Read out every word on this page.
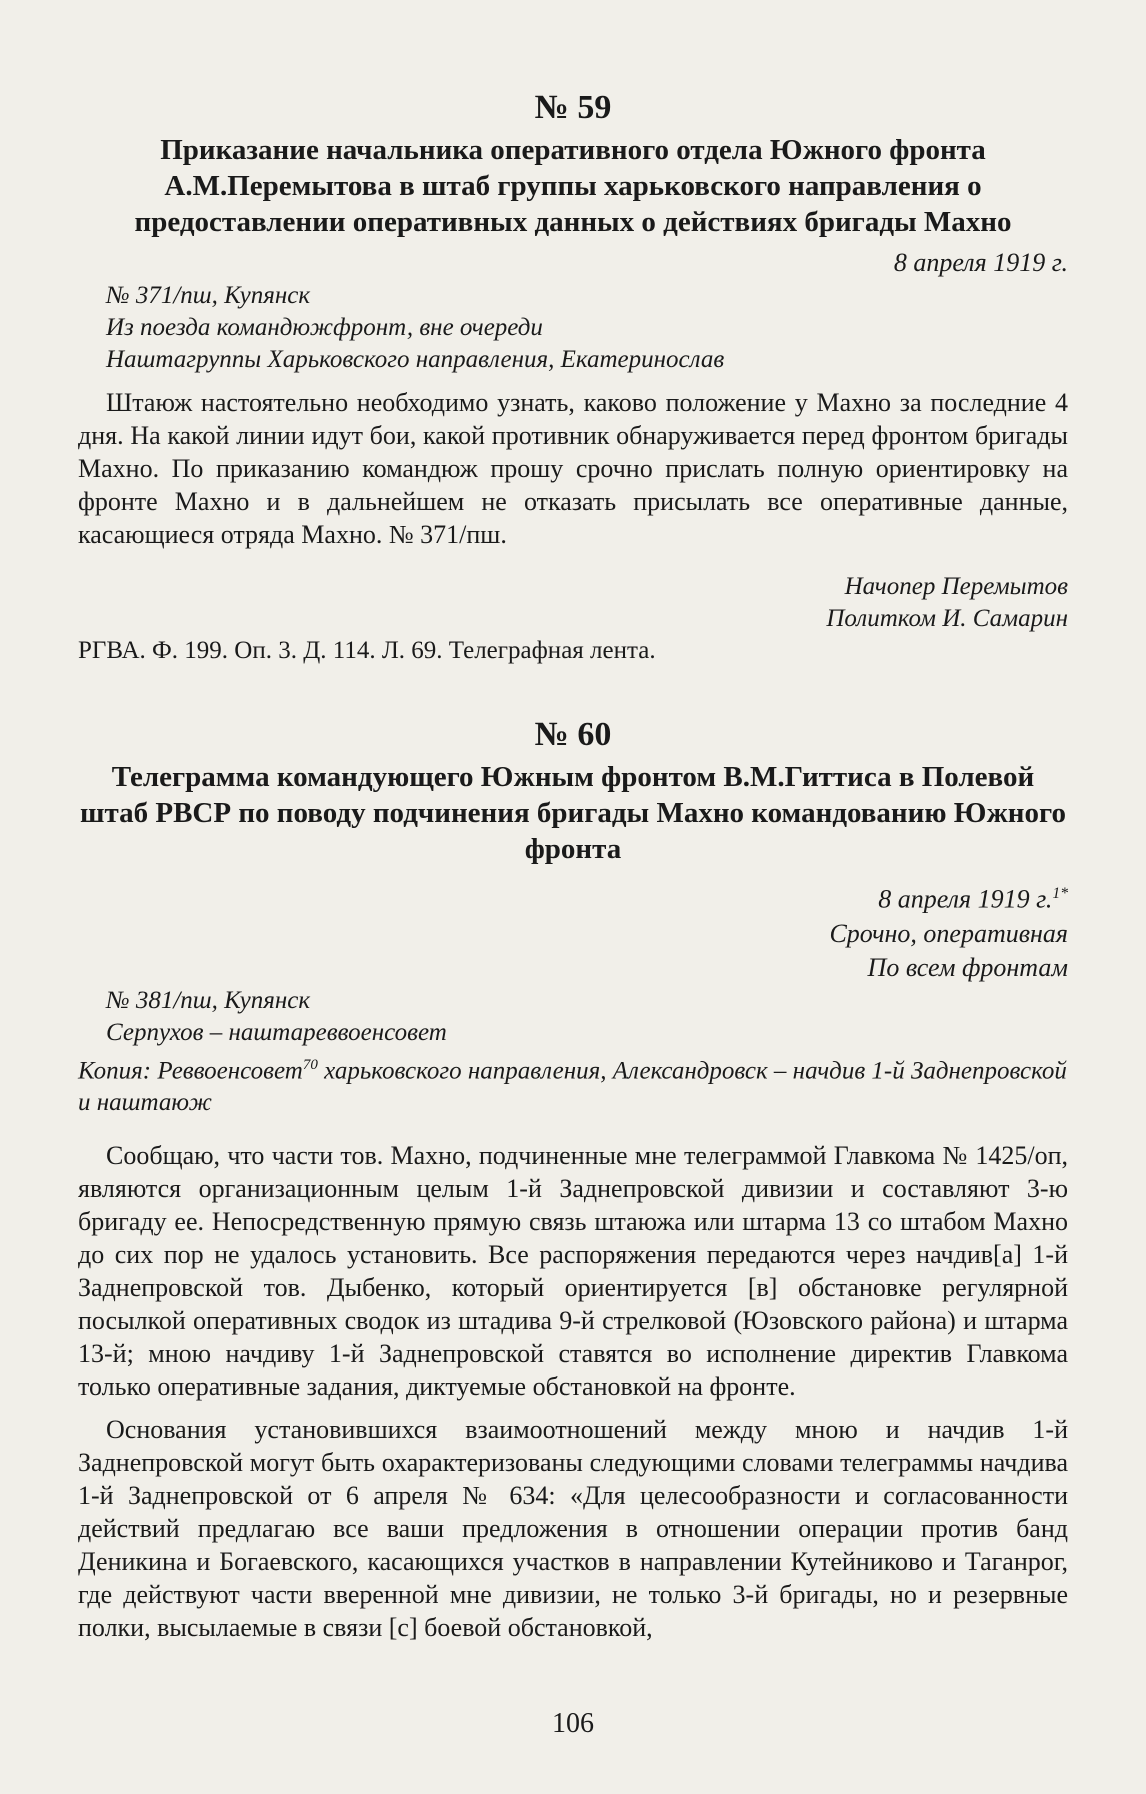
№ 59
Приказание начальника оперативного отдела Южного фронта А.М.Перемытова в штаб группы харьковского направления о предоставлении оперативных данных о действиях бригады Махно
8 апреля 1919 г.
№ 371/пш, Купянск
Из поезда командюжфронт, вне очереди
Наштагруппы Харьковского направления, Екатеринослав

Штаюж настоятельно необходимо узнать, каково положение у Махно за последние 4 дня. На какой линии идут бои, какой противник обнаруживается перед фронтом бригады Махно. По приказанию командюж прошу срочно прислать полную ориентировку на фронте Махно и в дальнейшем не отказать присылать все оперативные данные, касающиеся отряда Махно. № 371/пш.

Начопер Перемытов
Политком И. Самарин
РГВА. Ф. 199. Оп. 3. Д. 114. Л. 69. Телеграфная лента.
№ 60
Телеграмма командующего Южным фронтом В.М.Гиттиса в Полевой штаб РВСР по поводу подчинения бригады Махно командованию Южного фронта
8 апреля 1919 г.$^{1*}$
Срочно, оперативная
По всем фронтам
№ 381/пш, Купянск
Серпухов – наштареввоенсовет
Копия: Реввоенсовет$^{70}$ харьковского направления, Александровск – начдив 1-й Заднепровской и наштаюж

Сообщаю, что части тов. Махно, подчиненные мне телеграммой Главкома № 1425/оп, являются организационным целым 1-й Заднепровской дивизии и составляют 3-ю бригаду ее. Непосредственную прямую связь штаюжа или штарма 13 со штабом Махно до сих пор не удалось установить. Все распоряжения передаются через начдив[а] 1-й Заднепровской тов. Дыбенко, который ориентируется [в] обстановке регулярной посылкой оперативных сводок из штадива 9-й стрелковой (Юзовского района) и штарма 13-й; мною начдиву 1-й Заднепровской ставятся во исполнение директив Главкома только оперативные задания, диктуемые обстановкой на фронте.

Основания установившихся взаимоотношений между мною и начдив 1-й Заднепровской могут быть охарактеризованы следующими словами телеграммы начдива 1-й Заднепровской от 6 апреля № 634: «Для целесообразности и согласованности действий предлагаю все ваши предложения в отношении операции против банд Деникина и Богаевского, касающихся участков в направлении Кутейниково и Таганрог, где действуют части вверенной мне дивизии, не только 3-й бригады, но и резервные полки, высылаемые в связи [с] боевой обстановкой,

106
